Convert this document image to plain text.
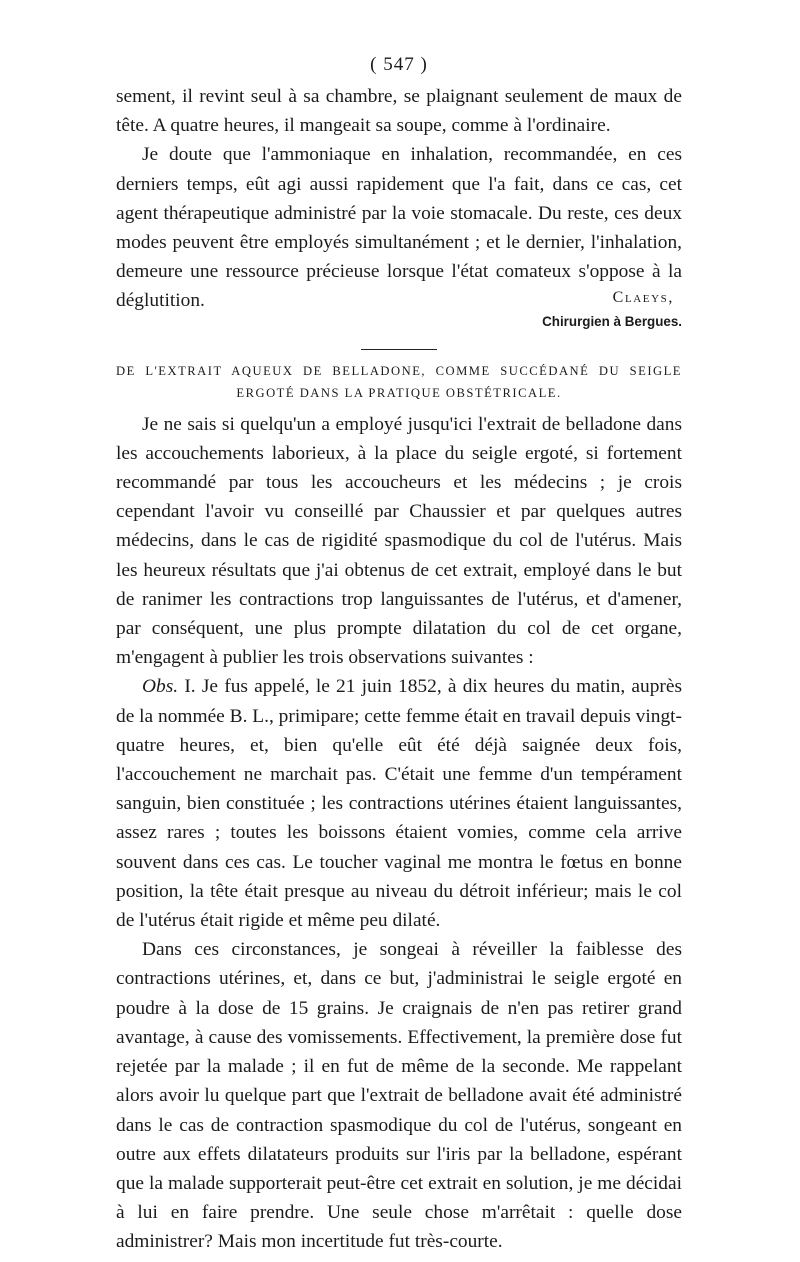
( 547 )

sement, il revint seul à sa chambre, se plaignant seulement de maux de tête. A quatre heures, il mangeait sa soupe, comme à l'ordinaire.

Je doute que l'ammoniaque en inhalation, recommandée, en ces derniers temps, eût agi aussi rapidement que l'a fait, dans ce cas, cet agent thérapeutique administré par la voie stomacale. Du reste, ces deux modes peuvent être employés simultanément ; et le dernier, l'inhalation, demeure une ressource précieuse lorsque l'état comateux s'oppose à la déglutition.	Claeys,
Chirurgien à Bergues.

DE L'EXTRAIT AQUEUX DE BELLADONE, COMME SUCCÉDANÉ DU SEIGLE

ERGOTÉ DANS LA PRATIQUE OBSTÉTRICALE.

Je ne sais si quelqu'un a employé jusqu'ici l'extrait de belladone dans les accouchements laborieux, à la place du seigle ergoté, si fortement recommandé par tous les accoucheurs et les médecins ; je crois cependant l'avoir vu conseillé par Chaussier et par quelques autres médecins, dans le cas de rigidité spasmodique du col de l'utérus. Mais les heureux résultats que j'ai obtenus de cet extrait, employé dans le but de ranimer les contractions trop languissantes de l'utérus, et d'amener, par conséquent, une plus prompte dilatation du col de cet organe, m'engagent à publier les trois observations suivantes :

Obs. I. Je fus appelé, le 21 juin 1852, à dix heures du matin, auprès de la nommée B. L., primipare; cette femme était en travail depuis vingt-quatre heures, et, bien qu'elle eût été déjà saignée deux fois, l'accouchement ne marchait pas. C'était une femme d'un tempérament sanguin, bien constituée ; les contractions utérines étaient languissantes, assez rares ; toutes les boissons étaient vomies, comme cela arrive souvent dans ces cas. Le toucher vaginal me montra le fœtus en bonne position, la tête était presque au niveau du détroit inférieur; mais le col de l'utérus était rigide et même peu dilaté.

Dans ces circonstances, je songeai à réveiller la faiblesse des contractions utérines, et, dans ce but, j'administrai le seigle ergoté en poudre à la dose de 15 grains. Je craignais de n'en pas retirer grand avantage, à cause des vomissements. Effectivement, la première dose fut rejetée par la malade ; il en fut de même de la seconde. Me rappelant alors avoir lu quelque part que l'extrait de belladone avait été administré dans le cas de contraction spasmodique du col de l'utérus, songeant en outre aux effets dilatateurs produits sur l'iris par la belladone, espérant que la malade supporterait peut-être cet extrait en solution, je me décidai à lui en faire prendre. Une seule chose m'arrêtait : quelle dose administrer? Mais mon incertitude fut très-courte.
